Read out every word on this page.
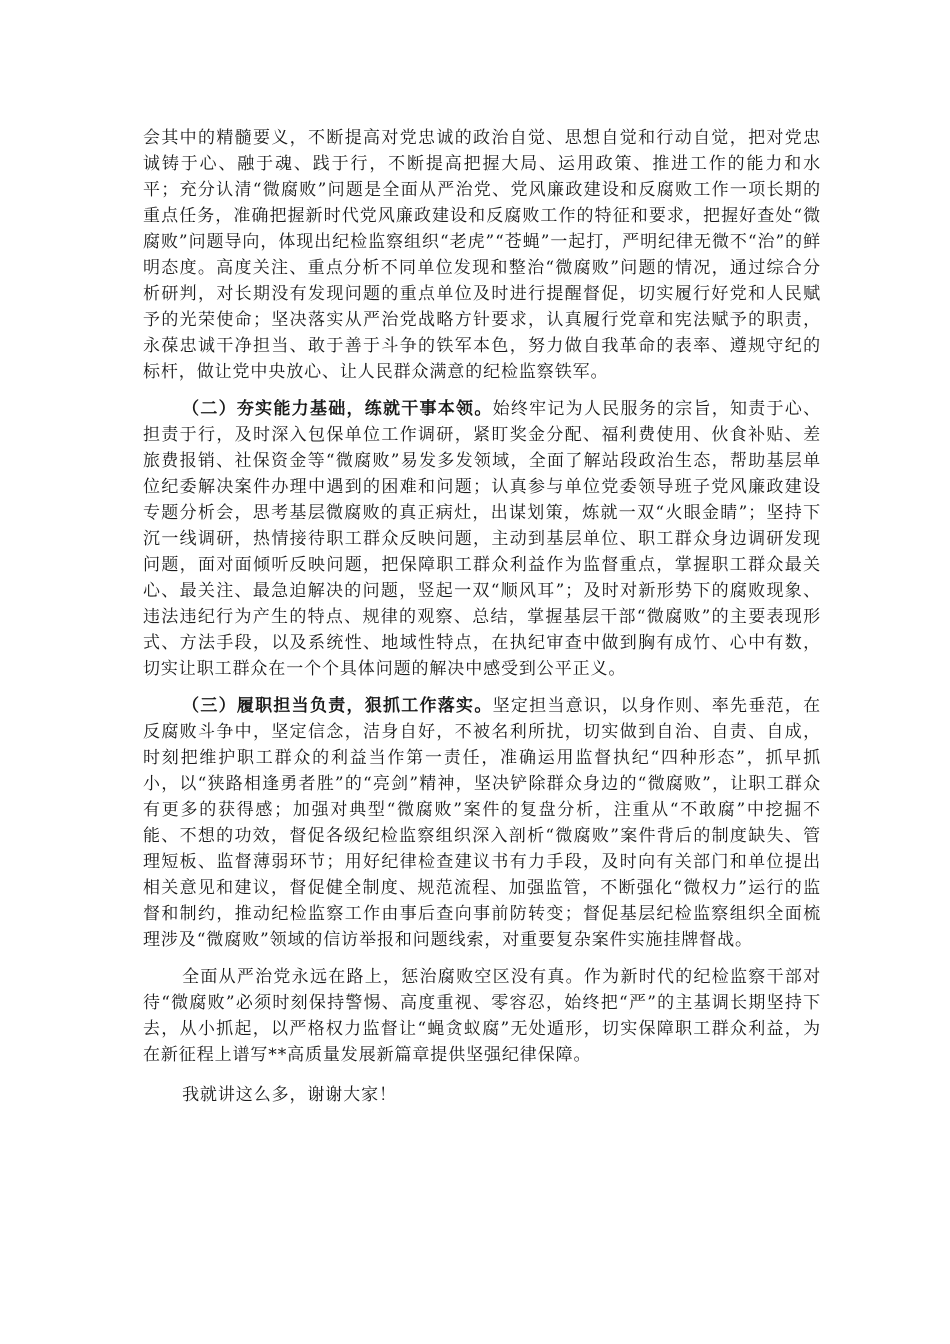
会其中的精髓要义，不断提高对党忠诚的政治自觉、思想自觉和行动自觉，把对党忠诚铸于心、融于魂、践于行，不断提高把握大局、运用政策、推进工作的能力和水平；充分认清“微腐败”问题是全面从严治党、党风廉政建设和反腐败工作一项长期的重点任务，准确把握新时代党风廉政建设和反腐败工作的特征和要求，把握好查处“微腐败”问题导向，体现出纪检监察组织“老虎”“苍蝇”一起打，严明纪律无微不“治”的鲜明态度。高度关注、重点分析不同单位发现和整治“微腐败”问题的情况，通过综合分析研判，对长期没有发现问题的重点单位及时进行提醒督促，切实履行好党和人民赋予的光荣使命；坚决落实从严治党战略方针要求，认真履行党章和宪法赋予的职责，永葆忠诚干净担当、敢于善于斗争的铁军本色，努力做自我革命的表率、遵规守纪的标杆，做让党中央放心、让人民群众满意的纪检监察铁军。

（二）夯实能力基础，练就干事本领。始终牢记为人民服务的宗旨，知责于心、担责于行，及时深入包保单位工作调研，紧盯奖金分配、福利费使用、伙食补贴、差旅费报销、社保资金等“微腐败”易发多发领域，全面了解站段政治生态，帮助基层单位纪委解决案件办理中遇到的困难和问题；认真参与单位党委领导班子党风廉政建设专题分析会，思考基层微腐败的真正病灶，出谋划策，炼就一双“火眼金睛”；坚持下沉一线调研，热情接待职工群众反映问题，主动到基层单位、职工群众身边调研发现问题，面对面倾听反映问题，把保障职工群众利益作为监督重点，掌握职工群众最关心、最关注、最急迫解决的问题，竖起一双“顺风耳”；及时对新形势下的腐败现象、违法违纪行为产生的特点、规律的观察、总结，掌握基层干部“微腐败”的主要表现形式、方法手段，以及系统性、地域性特点，在执纪审查中做到胸有成竹、心中有数，切实让职工群众在一个个具体问题的解决中感受到公平正义。

（三）履职担当负责，狠抓工作落实。坚定担当意识，以身作则、率先垂范，在反腐败斗争中，坚定信念，洁身自好，不被名利所扰，切实做到自治、自责、自成，时刻把维护职工群众的利益当作第一责任，准确运用监督执纪“四种形态”，抓早抓小，以“狭路相逢勇者胜”的“亮剑”精神，坚决铲除群众身边的“微腐败”，让职工群众有更多的获得感；加强对典型“微腐败”案件的复盘分析，注重从“不敢腐”中挖掘不能、不想的功效，督促各级纪检监察组织深入剖析“微腐败”案件背后的制度缺失、管理短板、监督薄弱环节；用好纪律检查建议书有力手段，及时向有关部门和单位提出相关意见和建议，督促健全制度、规范流程、加强监管，不断强化“微权力”运行的监督和制约，推动纪检监察工作由事后查向事前防转变；督促基层纪检监察组织全面梳理涉及“微腐败”领域的信访举报和问题线索，对重要复杂案件实施挂牌督战。

全面从严治党永远在路上，惩治腐败空区没有真。作为新时代的纪检监察干部对待“微腐败”必须时刻保持警惕、高度重视、零容忍，始终把“严”的主基调长期坚持下去，从小抓起，以严格权力监督让“蝇贪蚁腐”无处遁形，切实保障职工群众利益，为在新征程上谱写**高质量发展新篇章提供坚强纪律保障。

我就讲这么多，谢谢大家！
